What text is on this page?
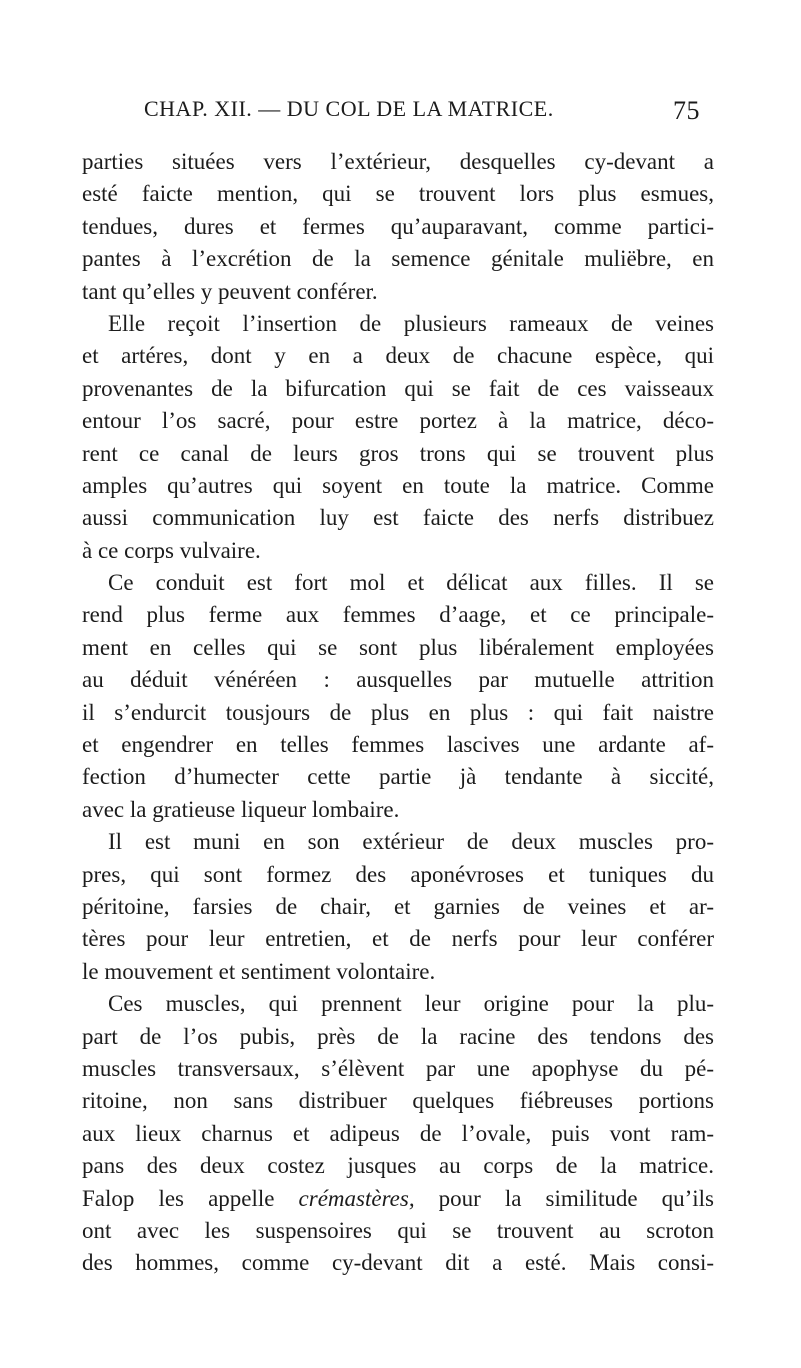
CHAP. XII. — DU COL DE LA MATRICE.	75
parties situées vers l’extérieur, desquelles cy-devant a
esté faicte mention, qui se trouvent lors plus esmues,
tendues, dures et fermes qu’auparavant, comme partici-
pantes à l’excrétion de la semence génitale muliëbre, en
tant qu’elles y peuvent conférer.
Elle reçoit l’insertion de plusieurs rameaux de veines
et artéres, dont y en a deux de chacune espèce, qui
provenantes de la bifurcation qui se fait de ces vaisseaux
entour l’os sacré, pour estre portez à la matrice, déco-
rent ce canal de leurs gros trons qui se trouvent plus
amples qu’autres qui soyent en toute la matrice. Comme
aussi communication luy est faicte des nerfs distribuez
à ce corps vulvaire.
Ce conduit est fort mol et délicat aux filles. Il se
rend plus ferme aux femmes d’aage, et ce principale-
ment en celles qui se sont plus libéralement employées
au déduit vénéréen : ausquelles par mutuelle attrition
il s’endurcit tousjours de plus en plus : qui fait naistre
et engendrer en telles femmes lascives une ardante af-
fection d’humecter cette partie jà tendante à siccité,
avec la gratieuse liqueur lombaire.
Il est muni en son extérieur de deux muscles pro-
pres, qui sont formez des aponévroses et tuniques du
péritoine, farsies de chair, et garnies de veines et ar-
tères pour leur entretien, et de nerfs pour leur conférer
le mouvement et sentiment volontaire.
Ces muscles, qui prennent leur origine pour la plu-
part de l’os pubis, près de la racine des tendons des
muscles transversaux, s’élèvent par une apophyse du pé-
ritoine, non sans distribuer quelques fiébreuses portions
aux lieux charnus et adipeus de l’ovale, puis vont ram-
pans des deux costez jusques au corps de la matrice.
Falop les appelle crémastères, pour la similitude qu’ils
ont avec les suspensoires qui se trouvent au scroton
des hommes, comme cy-devant dit a esté. Mais consi-
